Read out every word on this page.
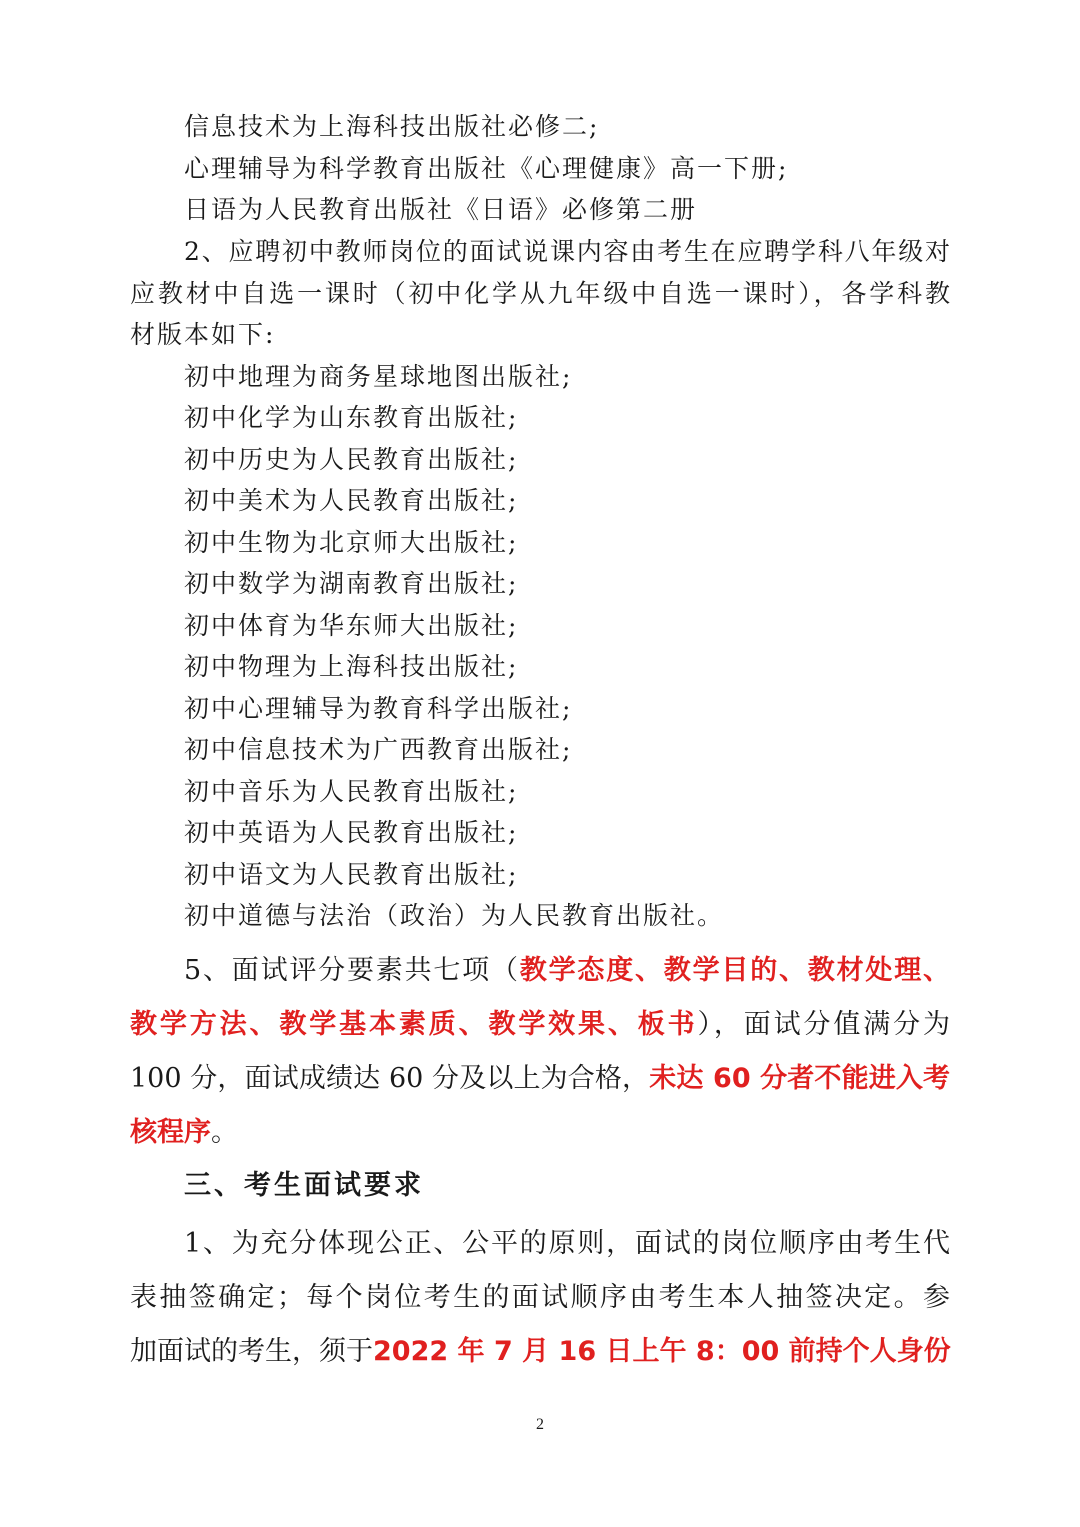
信息技术为上海科技出版社必修二;
心理辅导为科学教育出版社《心理健康》高一下册;
日语为人民教育出版社《日语》必修第二册
2、应聘初中教师岗位的面试说课内容由考生在应聘学科八年级对
应教材中自选一课时（初中化学从九年级中自选一课时），各学科教
材版本如下:
初中地理为商务星球地图出版社;
初中化学为山东教育出版社;
初中历史为人民教育出版社;
初中美术为人民教育出版社;
初中生物为北京师大出版社;
初中数学为湖南教育出版社;
初中体育为华东师大出版社;
初中物理为上海科技出版社;
初中心理辅导为教育科学出版社;
初中信息技术为广西教育出版社;
初中音乐为人民教育出版社;
初中英语为人民教育出版社;
初中语文为人民教育出版社;
初中道德与法治（政治）为人民教育出版社。
5、面试评分要素共七项（教学态度、教学目的、教材处理、
教学方法、教学基本素质、教学效果、板书），面试分值满分为
100 分，面试成绩达 60 分及以上为合格，未达 60 分者不能进入考
核程序。
三、考生面试要求
1、为充分体现公正、公平的原则，面试的岗位顺序由考生代
表抽签确定；每个岗位考生的面试顺序由考生本人抽签决定。参
加面试的考生，须于2022 年 7 月 16 日上午 8：00 前持个人身份
2
